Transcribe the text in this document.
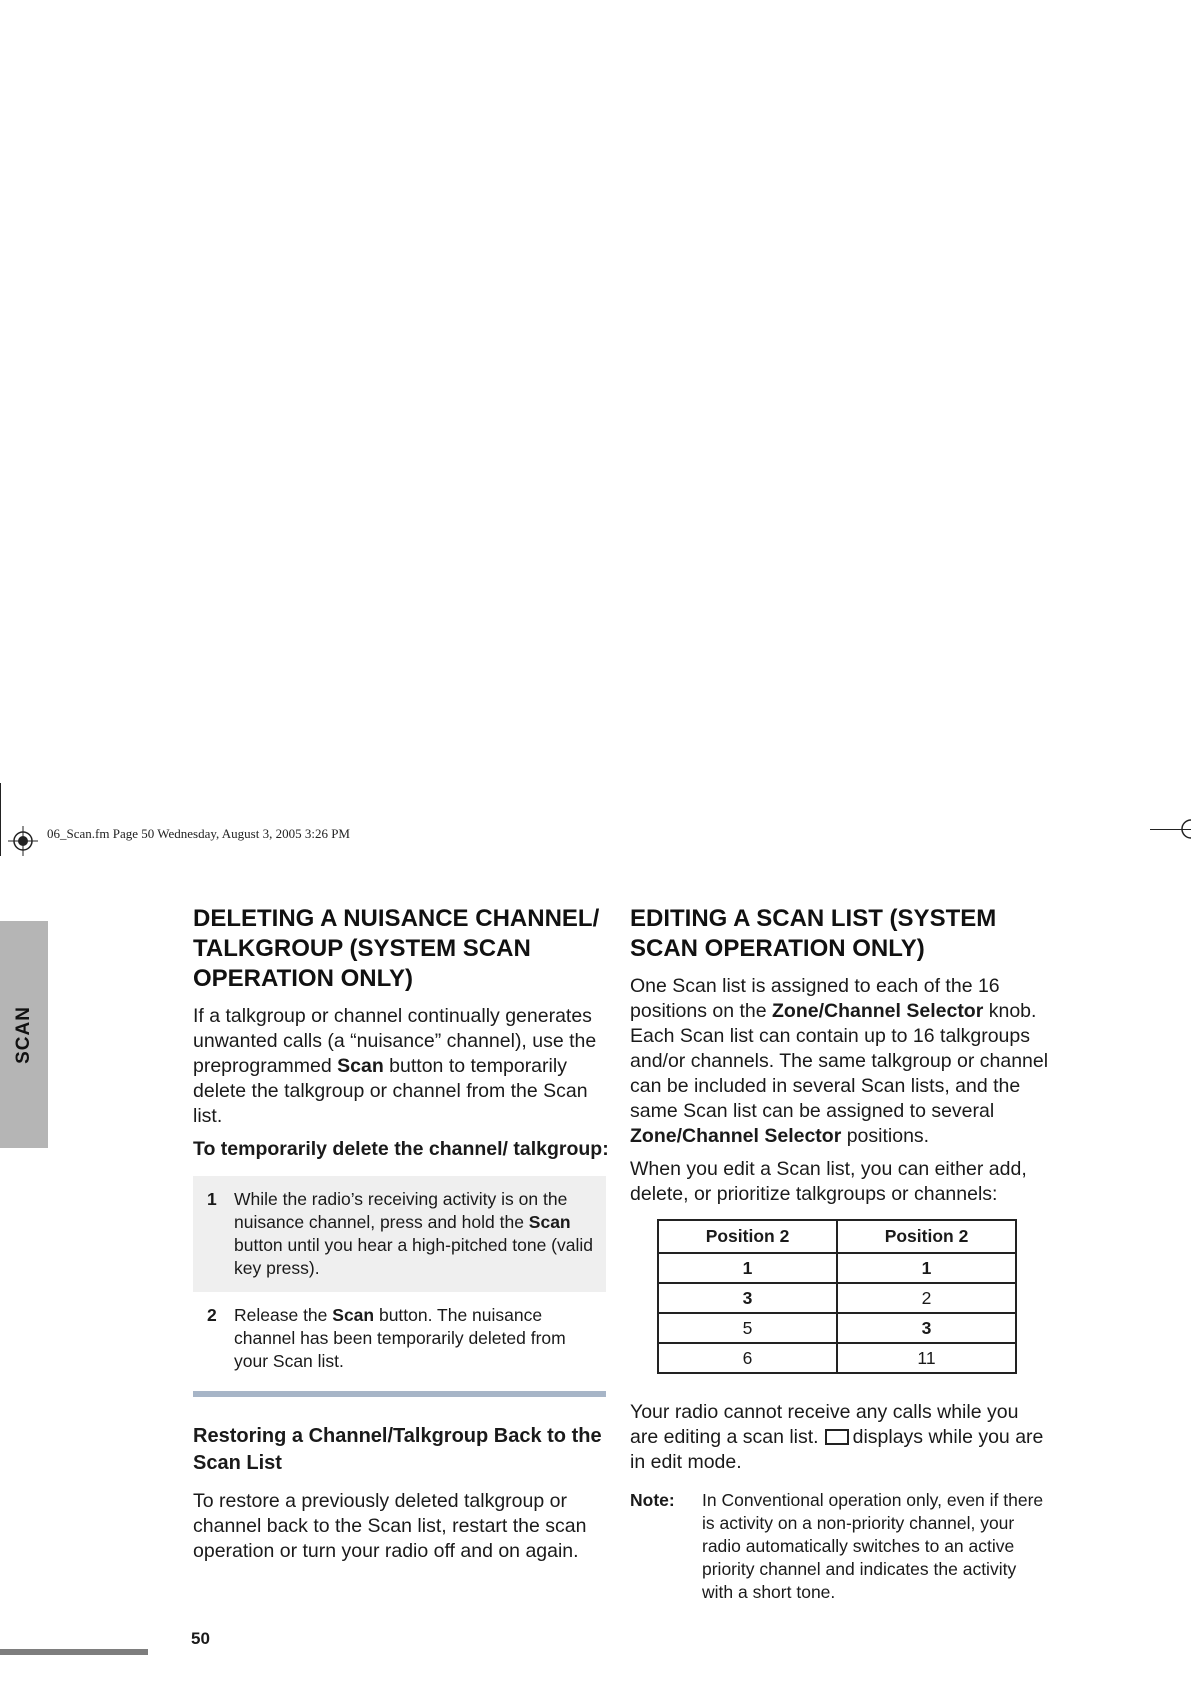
06_Scan.fm Page 50 Wednesday, August 3, 2005 3:26 PM
SCAN
DELETING A NUISANCE CHANNEL/ TALKGROUP (SYSTEM SCAN OPERATION ONLY)

If a talkgroup or channel continually generates unwanted calls (a “nuisance” channel), use the preprogrammed Scan button to temporarily delete the talkgroup or channel from the Scan list.

To temporarily delete the channel/ talkgroup:

1 While the radio’s receiving activity is on the nuisance channel, press and hold the Scan button until you hear a high-pitched tone (valid key press).
2 Release the Scan button. The nuisance channel has been temporarily deleted from your Scan list.
Restoring a Channel/Talkgroup Back to the Scan List

To restore a previously deleted talkgroup or channel back to the Scan list, restart the scan operation or turn your radio off and on again.

EDITING A SCAN LIST (SYSTEM SCAN OPERATION ONLY)

One Scan list is assigned to each of the 16 positions on the Zone/Channel Selector knob. Each Scan list can contain up to 16 talkgroups and/or channels. The same talkgroup or channel can be included in several Scan lists, and the same Scan list can be assigned to several Zone/Channel Selector positions.

When you edit a Scan list, you can either add, delete, or prioritize talkgroups or channels:

Position 2	Position 2
1	1
3	2
5	3
6	11

Your radio cannot receive any calls while you are editing a scan list. displays while you are in edit mode.

Note: In Conventional operation only, even if there is activity on a non-priority channel, your radio automatically switches to an active priority channel and indicates the activity with a short tone.
50
